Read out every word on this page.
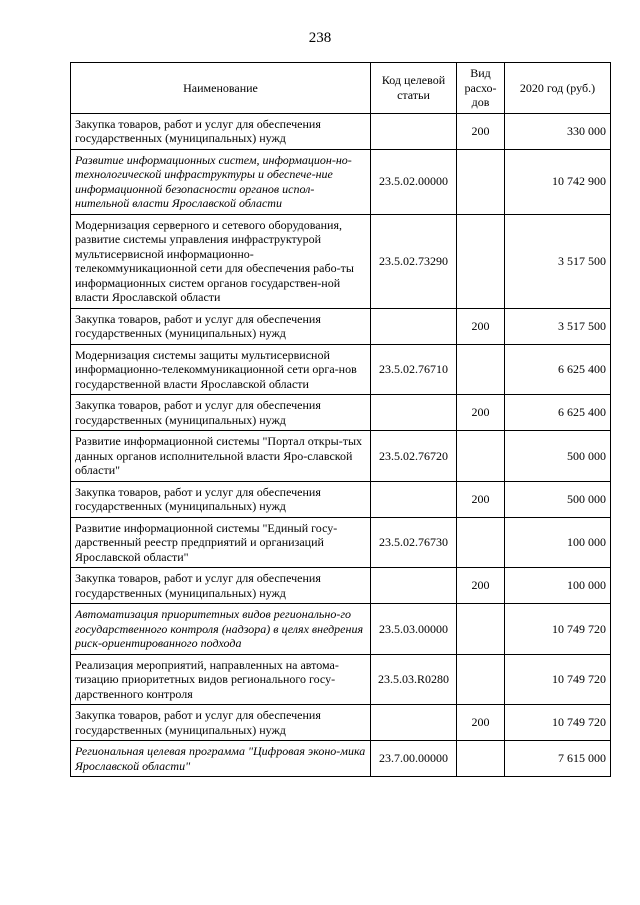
238
Наименование	Код целевой статьи	Вид расхо-дов	2020 год (руб.)
Закупка товаров, работ и услуг для обеспечения государственных (муниципальных) нужд		200	330 000
Развитие информационных систем, информацион-но-технологической инфраструктуры и обеспече-ние информационной безопасности органов испол-нительной власти Ярославской области	23.5.02.00000		10 742 900
Модернизация серверного и сетевого оборудования, развитие системы управления инфраструктурой мультисервисной информационно-телекоммуникационной сети для обеспечения рабо-ты информационных систем органов государствен-ной власти Ярославской области	23.5.02.73290		3 517 500
Закупка товаров, работ и услуг для обеспечения государственных (муниципальных) нужд		200	3 517 500
Модернизация системы защиты мультисервисной информационно-телекоммуникационной сети орга-нов государственной власти Ярославской области	23.5.02.76710		6 625 400
Закупка товаров, работ и услуг для обеспечения государственных (муниципальных) нужд		200	6 625 400
Развитие информационной системы "Портал откры-тых данных органов исполнительной власти Яро-славской области"	23.5.02.76720		500 000
Закупка товаров, работ и услуг для обеспечения государственных (муниципальных) нужд		200	500 000
Развитие информационной системы "Единый госу-дарственный реестр предприятий и организаций Ярославской области"	23.5.02.76730		100 000
Закупка товаров, работ и услуг для обеспечения государственных (муниципальных) нужд		200	100 000
Автоматизация приоритетных видов регионально-го государственного контроля (надзора) в целях внедрения риск-ориентированного подхода	23.5.03.00000		10 749 720
Реализация мероприятий, направленных на автома-тизацию приоритетных видов регионального госу-дарственного контроля	23.5.03.R0280		10 749 720
Закупка товаров, работ и услуг для обеспечения государственных (муниципальных) нужд		200	10 749 720
Региональная целевая программа "Цифровая эконо-мика Ярославской области"	23.7.00.00000		7 615 000
